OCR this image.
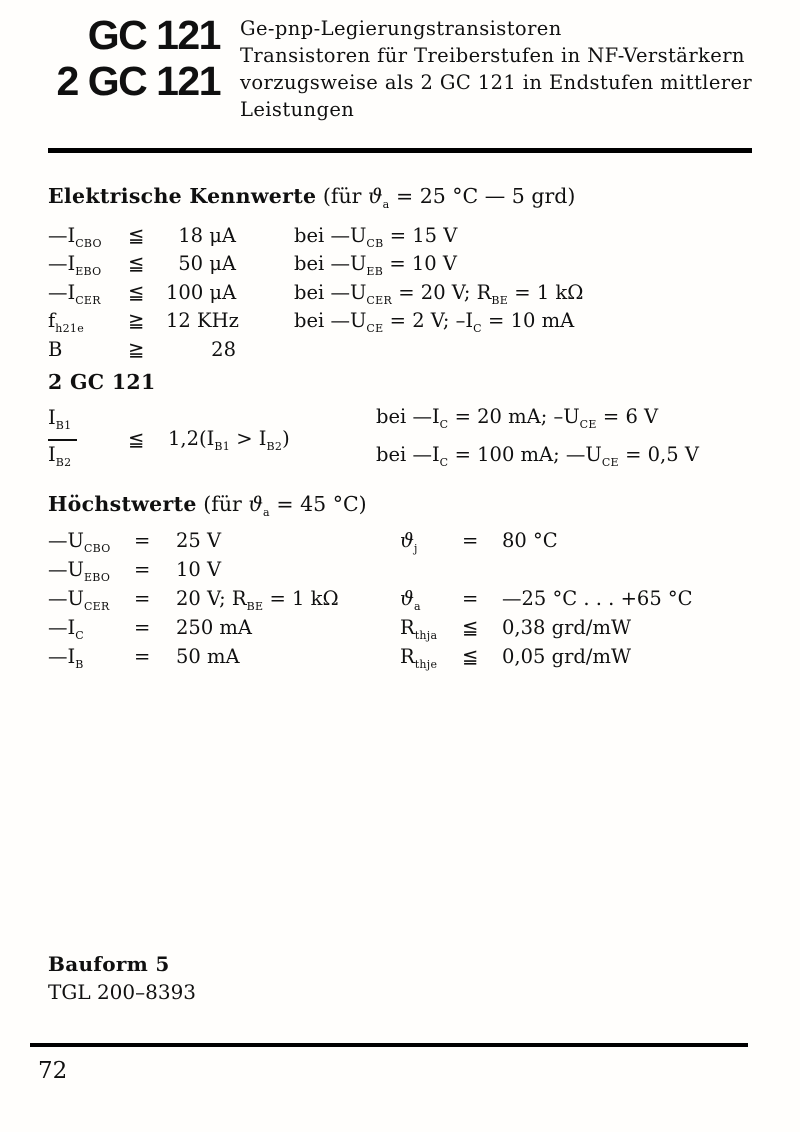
GC 121
2 GC 121
Ge-pnp-Legierungstransistoren
Transistoren für Treiberstufen in NF-Verstärkern
vorzugsweise als 2 GC 121 in Endstufen mittlerer
Leistungen
Elektrische Kennwerte (für $ϑ_a = 25$ °C — 5 grd)
$—I_{CBO}$	≦	18 μA	bei $—U_{CB} = 15$ V
$—I_{EBO}$	≦	50 μA	bei $—U_{EB} = 10$ V
$—I_{CER}$	≦	100 μA	bei $—U_{CER} = 20$ V; $R_{BE} = 1$ kΩ
$f_{h21e}$	≧	12 KHz	bei $—U_{CE} = 2$ V; $-I_C = 10$ mA
B	≧	28
2 GC 121
$\frac{I_{B1}}{I_{B2}}$	≦	$1,2(I_{B1} > I_{B2})$
bei $—I_C = 20$ mA; $-U_{CE} = 6$ V
bei $—I_C = 100$ mA; $—U_{CE} = 0,5$ V
Höchstwerte (für $ϑ_a = 45$ °C)
$—U_{CBO}$	=	25 V	$ϑ_j$	=	80 °C
$—U_{EBO}$	=	10 V
$—U_{CER}$	=	20 V; $R_{BE} = 1$ kΩ	$ϑ_a$	=	—25 °C . . . +65 °C
$—I_C$	=	250 mA	$R_{thja}$	≦	0,38 grd/mW
$—I_B$	=	50 mA	$R_{thje}$	≦	0,05 grd/mW
Bauform 5
TGL 200–8393
72
